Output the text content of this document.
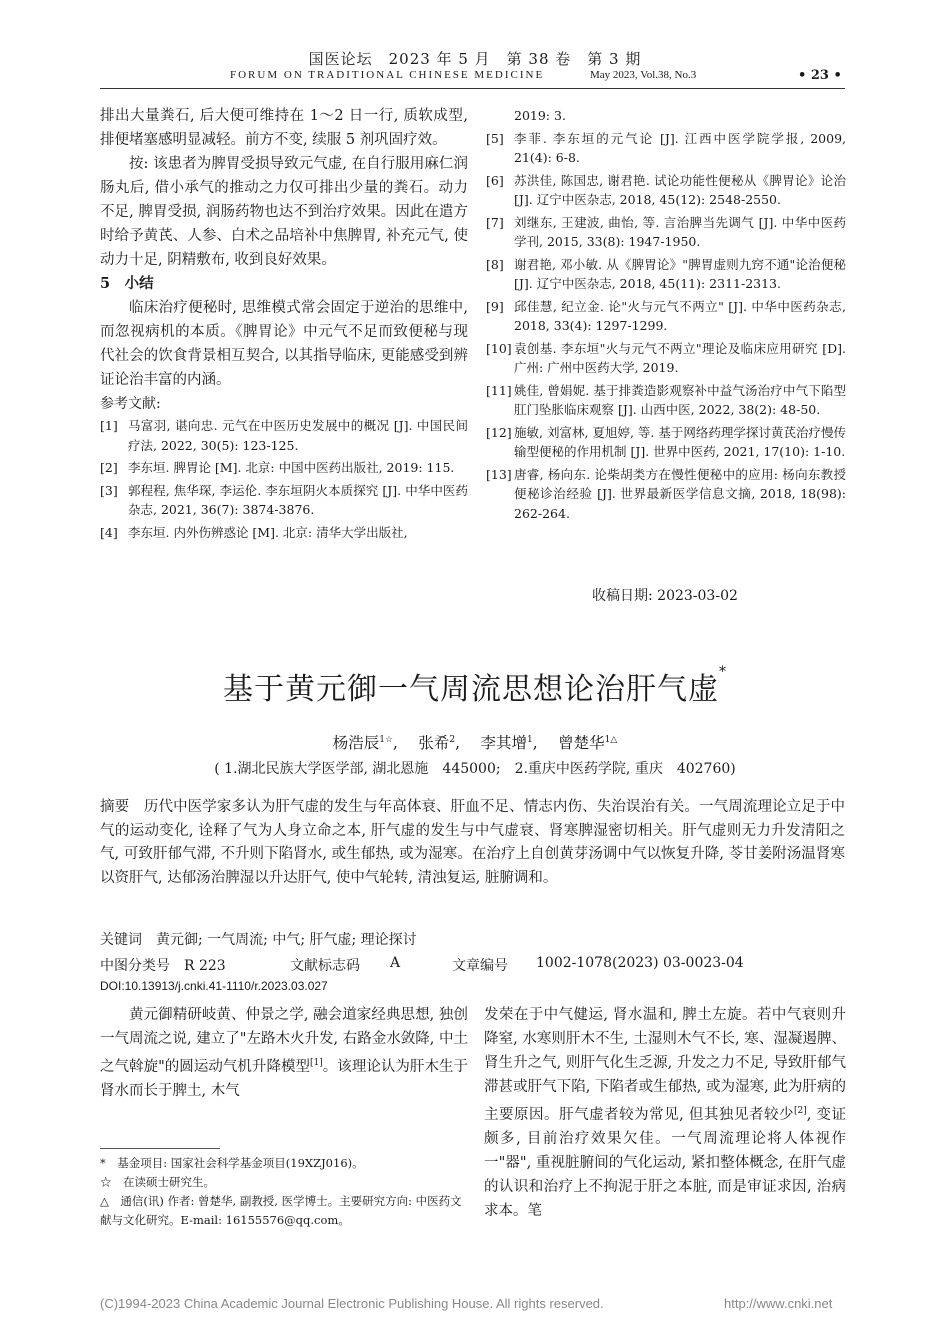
国医论坛　2023 年 5 月　第 38 卷　第 3 期
FORUM ON TRADITIONAL CHINESE MEDICINE	May 2023, Vol.38, No.3	• 23 •

排出大量粪石, 后大便可维持在 1～2 日一行, 质软成型, 排便堵塞感明显减轻。前方不变, 续服 5 剂巩固疗效。

按: 该患者为脾胃受损导致元气虚, 在自行服用麻仁润肠丸后, 借小承气的推动之力仅可排出少量的粪石。动力不足, 脾胃受损, 润肠药物也达不到治疗效果。因此在遣方时给予黄芪、人参、白术之品培补中焦脾胃, 补充元气, 使动力十足, 阴精敷布, 收到良好效果。

5　小结

临床治疗便秘时, 思维模式常会固定于逆治的思维中, 而忽视病机的本质。《脾胃论》中元气不足而致便秘与现代社会的饮食背景相互契合, 以其指导临床, 更能感受到辨证论治丰富的内涵。

参考文献:

[1] 马富羽, 谌向忠. 元气在中医历史发展中的概况 [J]. 中国民间疗法, 2022, 30(5): 123-125.
[2] 李东垣. 脾胃论 [M]. 北京: 中国中医药出版社, 2019: 115.
[3] 郭程程, 焦华琛, 李运伦. 李东垣阴火本质探究 [J]. 中华中医药杂志, 2021, 36(7): 3874-3876.
[4] 李东垣. 内外伤辨惑论 [M]. 北京: 清华大学出版社,
2019: 3.
[5] 李菲. 李东垣的元气论 [J]. 江西中医学院学报, 2009, 21(4): 6-8.
[6] 苏洪佳, 陈国忠, 谢君艳. 试论功能性便秘从《脾胃论》论治 [J]. 辽宁中医杂志, 2018, 45(12): 2548-2550.
[7] 刘继东, 王建波, 曲怡, 等. 言治脾当先调气 [J]. 中华中医药学刊, 2015, 33(8): 1947-1950.
[8] 谢君艳, 邓小敏. 从《脾胃论》"脾胃虚则九窍不通"论治便秘 [J]. 辽宁中医杂志, 2018, 45(11): 2311-2313.
[9] 邱佳慧, 纪立金. 论"火与元气不两立" [J]. 中华中医药杂志, 2018, 33(4): 1297-1299.
[10] 袁创基. 李东垣"火与元气不两立"理论及临床应用研究 [D]. 广州: 广州中医药大学, 2019.
[11] 姚佳, 曾娟妮. 基于排粪造影观察补中益气汤治疗中气下陷型肛门坠胀临床观察 [J]. 山西中医, 2022, 38(2): 48-50.
[12] 施敏, 刘富林, 夏旭婷, 等. 基于网络药理学探讨黄芪治疗慢传输型便秘的作用机制 [J]. 世界中医药, 2021, 17(10): 1-10.
[13] 唐睿, 杨向东. 论柴胡类方在慢性便秘中的应用: 杨向东教授便秘诊治经验 [J]. 世界最新医学信息文摘, 2018, 18(98): 262-264.
收稿日期: 2023-03-02
基于黄元御一气周流思想论治肝气虚*
杨浩辰$^{1☆}$,  张希$^2$,  李其增$^1$,  曾楚华$^{1\triangle}$
( 1.湖北民族大学医学部, 湖北恩施　445000;　2.重庆中医药学院, 重庆　402760)
摘要  历代中医学家多认为肝气虚的发生与年高体衰、肝血不足、情志内伤、失治误治有关。一气周流理论立足于中气的运动变化, 诠释了气为人身立命之本, 肝气虚的发生与中气虚衰、肾寒脾湿密切相关。肝气虚则无力升发清阳之气, 可致肝郁气滞, 不升则下陷肾水, 或生郁热, 或为湿寒。在治疗上自创黄芽汤调中气以恢复升降, 苓甘姜附汤温肾寒以资肝气, 达郁汤治脾湿以升达肝气, 使中气轮转, 清浊复运, 脏腑调和。
关键词  黄元御; 一气周流; 中气; 肝气虚; 理论探讨
中图分类号  R 223	文献标志码 A	文章编号 1002-1078(2023) 03-0023-04
DOI:10.13913/j.cnki.41-1110/r.2023.03.027

黄元御精研岐黄、仲景之学, 融会道家经典思想, 独创一气周流之说, 建立了"左路木火升发, 右路金水敛降, 中土之气斡旋"的圆运动气机升降模型[1]。该理论认为肝木生于肾水而长于脾土, 木气

发荣在于中气健运, 肾水温和, 脾土左旋。若中气衰则升降窒, 水寒则肝木不生, 土湿则木气不长, 寒、湿凝遏脾、肾生升之气, 则肝气化生乏源, 升发之力不足, 导致肝郁气滞甚或肝气下陷, 下陷者或生郁热, 或为湿寒, 此为肝病的主要原因。肝气虚者较为常见, 但其独见者较少[2], 变证颇多, 目前治疗效果欠佳。一气周流理论将人体视作一"器", 重视脏腑间的气化运动, 紧扣整体概念, 在肝气虚的认识和治疗上不拘泥于肝之本脏, 而是审证求因, 治病求本。笔

*　基金项目: 国家社会科学基金项目(19XZJ016)。

☆　在读硕士研究生。

△　通信(讯) 作者: 曾楚华, 副教授, 医学博士。主要研究方向: 中医药文献与文化研究。E-mail: 16155576@qq.com。

(C)1994-2023 China Academic Journal Electronic Publishing House. All rights reserved.	http://www.cnki.net
